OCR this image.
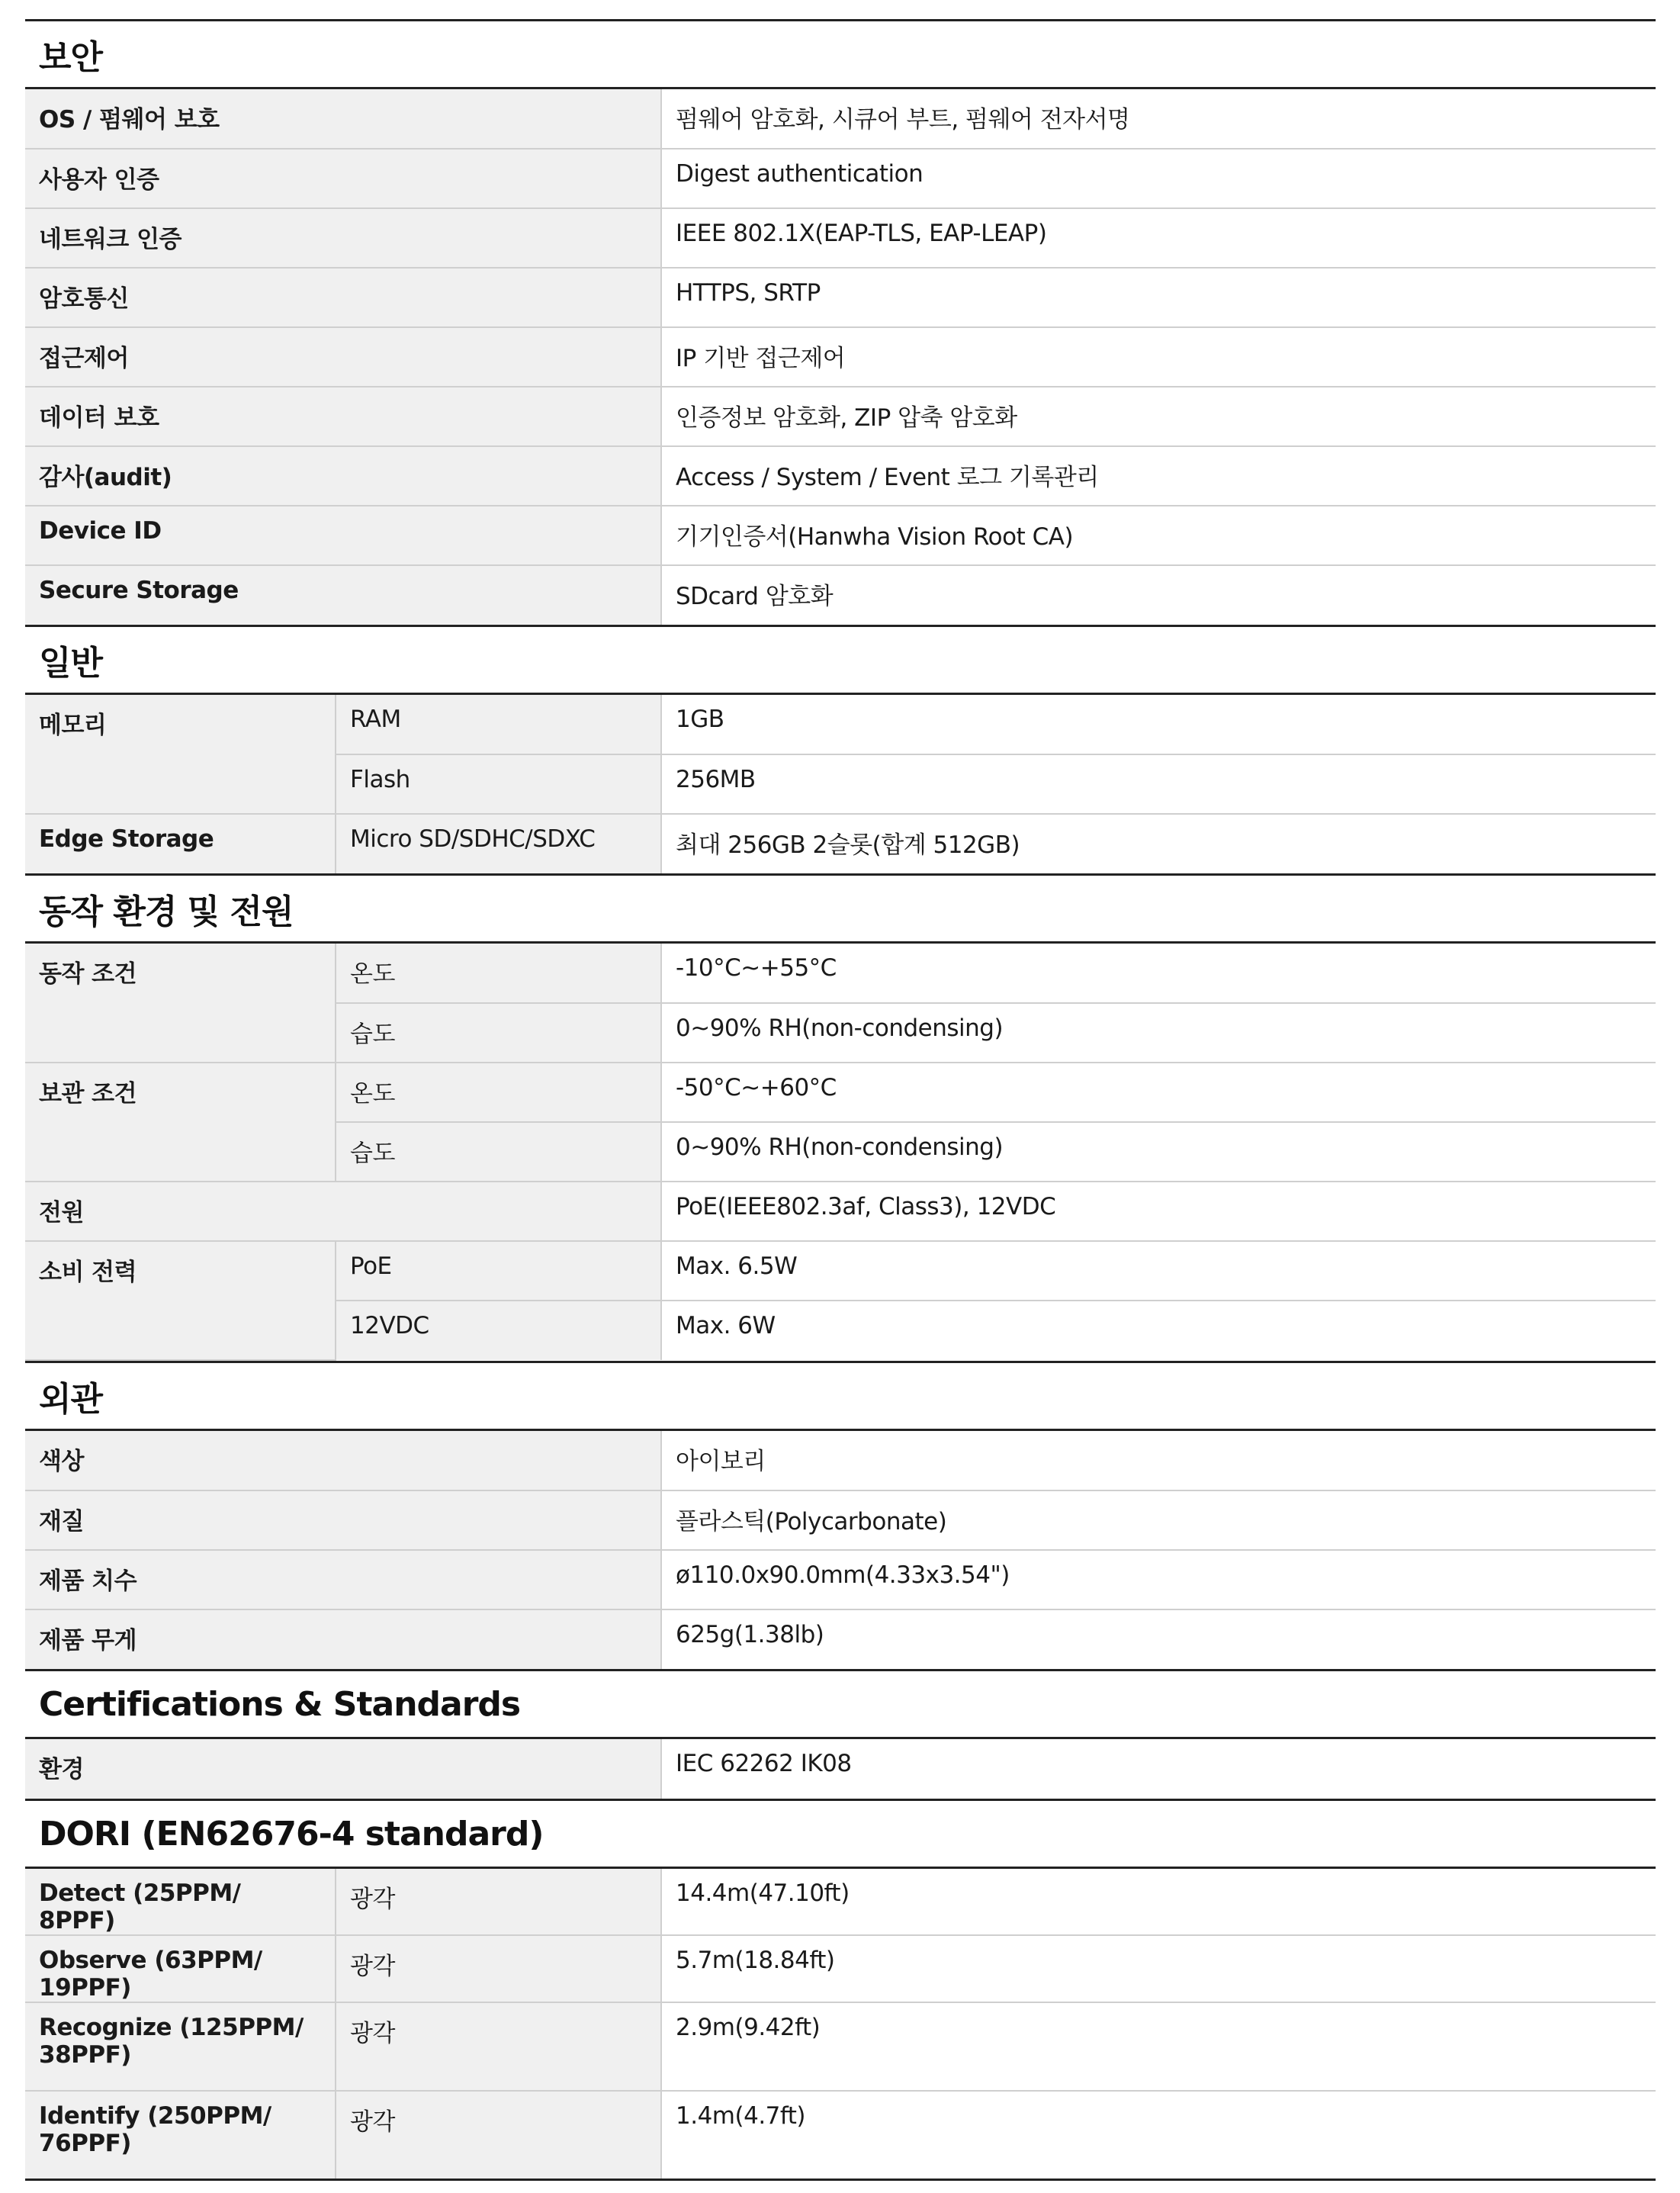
보안
OS / 펌웨어 보호	펌웨어 암호화, 시큐어 부트, 펌웨어 전자서명
사용자 인증	Digest authentication
네트워크 인증	IEEE 802.1X(EAP-TLS, EAP-LEAP)
암호통신	HTTPS, SRTP
접근제어	IP 기반 접근제어
데이터 보호	인증정보 암호화, ZIP 압축 암호화
감사(audit)	Access / System / Event 로그 기록관리
Device ID	기기인증서(Hanwha Vision Root CA)
Secure Storage	SDcard 암호화
일반
메모리	RAM	1GB
	Flash	256MB
Edge Storage	Micro SD/SDHC/SDXC	최대 256GB 2슬롯(합계 512GB)
동작 환경 및 전원
동작 조건	온도	-10°C~+55°C
	습도	0~90% RH(non-condensing)
보관 조건	온도	-50°C~+60°C
	습도	0~90% RH(non-condensing)
전원		PoE(IEEE802.3af, Class3), 12VDC
소비 전력	PoE	Max. 6.5W
	12VDC	Max. 6W
외관
색상	아이보리
재질	플라스틱(Polycarbonate)
제품 치수	ø110.0x90.0mm(4.33x3.54")
제품 무게	625g(1.38lb)
Certifications & Standards
환경	IEC 62262 IK08
DORI (EN62676-4 standard)
Detect (25PPM/ 8PPF)	광각	14.4m(47.10ft)
Observe (63PPM/ 19PPF)	광각	5.7m(18.84ft)
Recognize (125PPM/ 38PPF)	광각	2.9m(9.42ft)
Identify (250PPM/ 76PPF)	광각	1.4m(4.7ft)
